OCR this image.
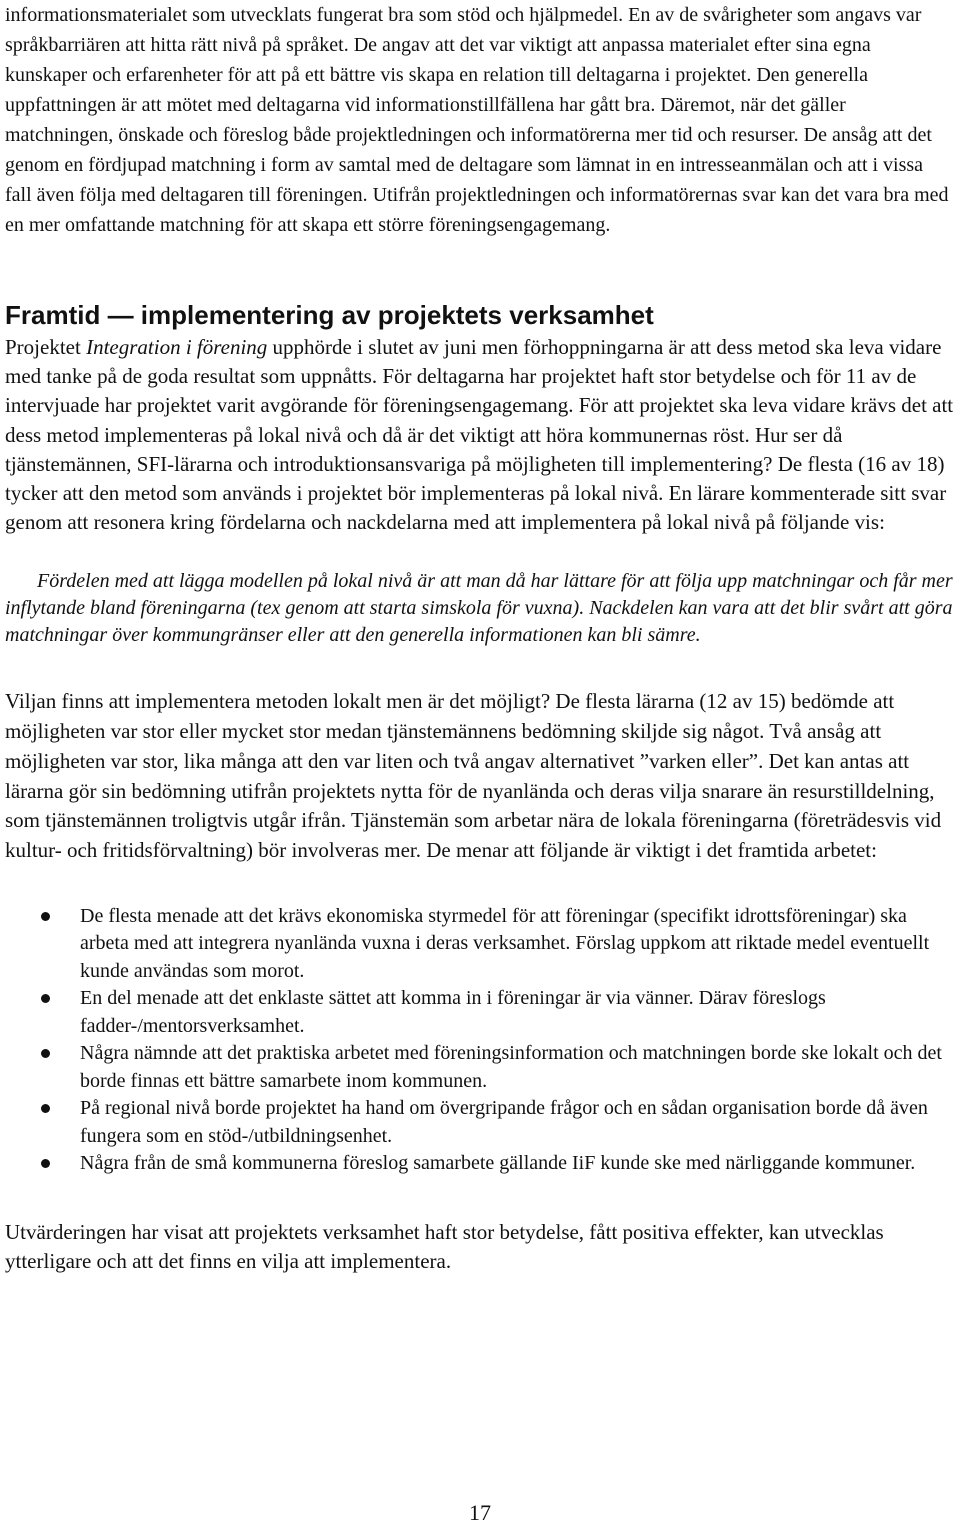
informationsmaterialet som utvecklats fungerat bra som stöd och hjälpmedel. En av de svårigheter som angavs var språkbarriären att hitta rätt nivå på språket. De angav att det var viktigt att anpassa materialet efter sina egna kunskaper och erfarenheter för att på ett bättre vis skapa en relation till deltagarna i projektet. Den generella uppfattningen är att mötet med deltagarna vid informationstillfällena har gått bra. Däremot, när det gäller matchningen, önskade och föreslog både projektledningen och informatörerna mer tid och resurser. De ansåg att det genom en fördjupad matchning i form av samtal med de deltagare som lämnat in en intresseanmälan och att i vissa fall även följa med deltagaren till föreningen. Utifrån projektledningen och informatörernas svar kan det vara bra med en mer omfattande matchning för att skapa ett större föreningsengagemang.

Framtid — implementering av projektets verksamhet

Projektet Integration i förening upphörde i slutet av juni men förhoppningarna är att dess metod ska leva vidare med tanke på de goda resultat som uppnåtts. För deltagarna har projektet haft stor betydelse och för 11 av de intervjuade har projektet varit avgörande för föreningsengagemang. För att projektet ska leva vidare krävs det att dess metod implementeras på lokal nivå och då är det viktigt att höra kommunernas röst. Hur ser då tjänstemännen, SFI-lärarna och introduktionsansvariga på möjligheten till implementering? De flesta (16 av 18) tycker att den metod som används i projektet bör implementeras på lokal nivå. En lärare kommenterade sitt svar genom att resonera kring fördelarna och nackdelarna med att implementera på lokal nivå på följande vis:

Fördelen med att lägga modellen på lokal nivå är att man då har lättare för att följa upp matchningar och får mer inflytande bland föreningarna (tex genom att starta simskola för vuxna). Nackdelen kan vara att det blir svårt att göra matchningar över kommungränser eller att den generella informationen kan bli sämre.

Viljan finns att implementera metoden lokalt men är det möjligt? De flesta lärarna (12 av 15) bedömde att möjligheten var stor eller mycket stor medan tjänstemännens bedömning skiljde sig något. Två ansåg att möjligheten var stor, lika många att den var liten och två angav alternativet ”varken eller”. Det kan antas att lärarna gör sin bedömning utifrån projektets nytta för de nyanlända och deras vilja snarare än resurstilldelning, som tjänstemännen troligtvis utgår ifrån. Tjänstemän som arbetar nära de lokala föreningarna (företrädesvis vid kultur- och fritidsförvaltning) bör involveras mer. De menar att följande är viktigt i det framtida arbetet:

De flesta menade att det krävs ekonomiska styrmedel för att föreningar (specifikt idrottsföreningar) ska arbeta med att integrera nyanlända vuxna i deras verksamhet. Förslag uppkom att riktade medel eventuellt kunde användas som morot.
En del menade att det enklaste sättet att komma in i föreningar är via vänner. Därav föreslogs fadder-/mentorsverksamhet.
Några nämnde att det praktiska arbetet med föreningsinformation och matchningen borde ske lokalt och det borde finnas ett bättre samarbete inom kommunen.
På regional nivå borde projektet ha hand om övergripande frågor och en sådan organisation borde då även fungera som en stöd-/utbildningsenhet.
Några från de små kommunerna föreslog samarbete gällande IiF kunde ske med närliggande kommuner.

Utvärderingen har visat att projektets verksamhet haft stor betydelse, fått positiva effekter, kan utvecklas ytterligare och att det finns en vilja att implementera.

17
